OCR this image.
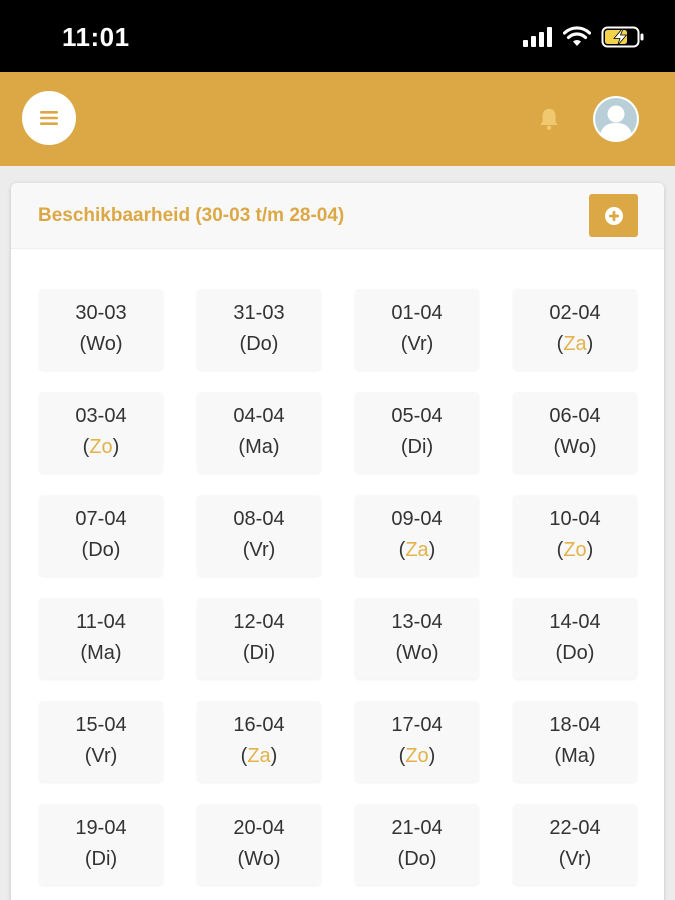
11:01
Beschikbaarheid (30-03 t/m 28-04)
30-03
(Wo)
31-03
(Do)
01-04
(Vr)
02-04
(Za)
03-04
(Zo)
04-04
(Ma)
05-04
(Di)
06-04
(Wo)
07-04
(Do)
08-04
(Vr)
09-04
(Za)
10-04
(Zo)
11-04
(Ma)
12-04
(Di)
13-04
(Wo)
14-04
(Do)
15-04
(Vr)
16-04
(Za)
17-04
(Zo)
18-04
(Ma)
19-04
(Di)
20-04
(Wo)
21-04
(Do)
22-04
(Vr)
